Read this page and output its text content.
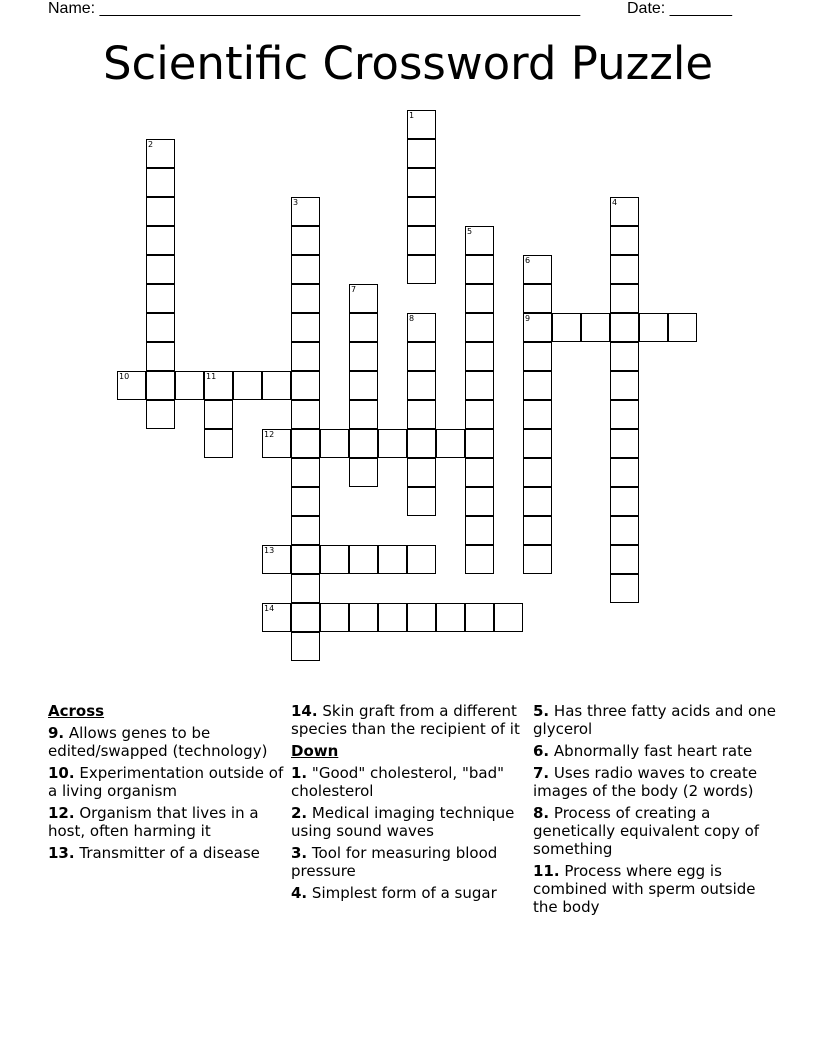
Name: ______________________________________________________	Date: _______
Scientific Crossword Puzzle
1
2
3	4
5
6
9
7
8
10	11
12
13
14
Across
9. Allows genes to be edited/swapped (technology)
10. Experimentation outside of a living organism
12. Organism that lives in a host, often harming it
13. Transmitter of a disease
14. Skin graft from a different species than the recipient of it
Down
1. "Good" cholesterol, "bad" cholesterol
2. Medical imaging technique using sound waves
3. Tool for measuring blood pressure
4. Simplest form of a sugar
5. Has three fatty acids and one glycerol
6. Abnormally fast heart rate
7. Uses radio waves to create images of the body (2 words)
8. Process of creating a genetically equivalent copy of something
11. Process where egg is combined with sperm outside the body
